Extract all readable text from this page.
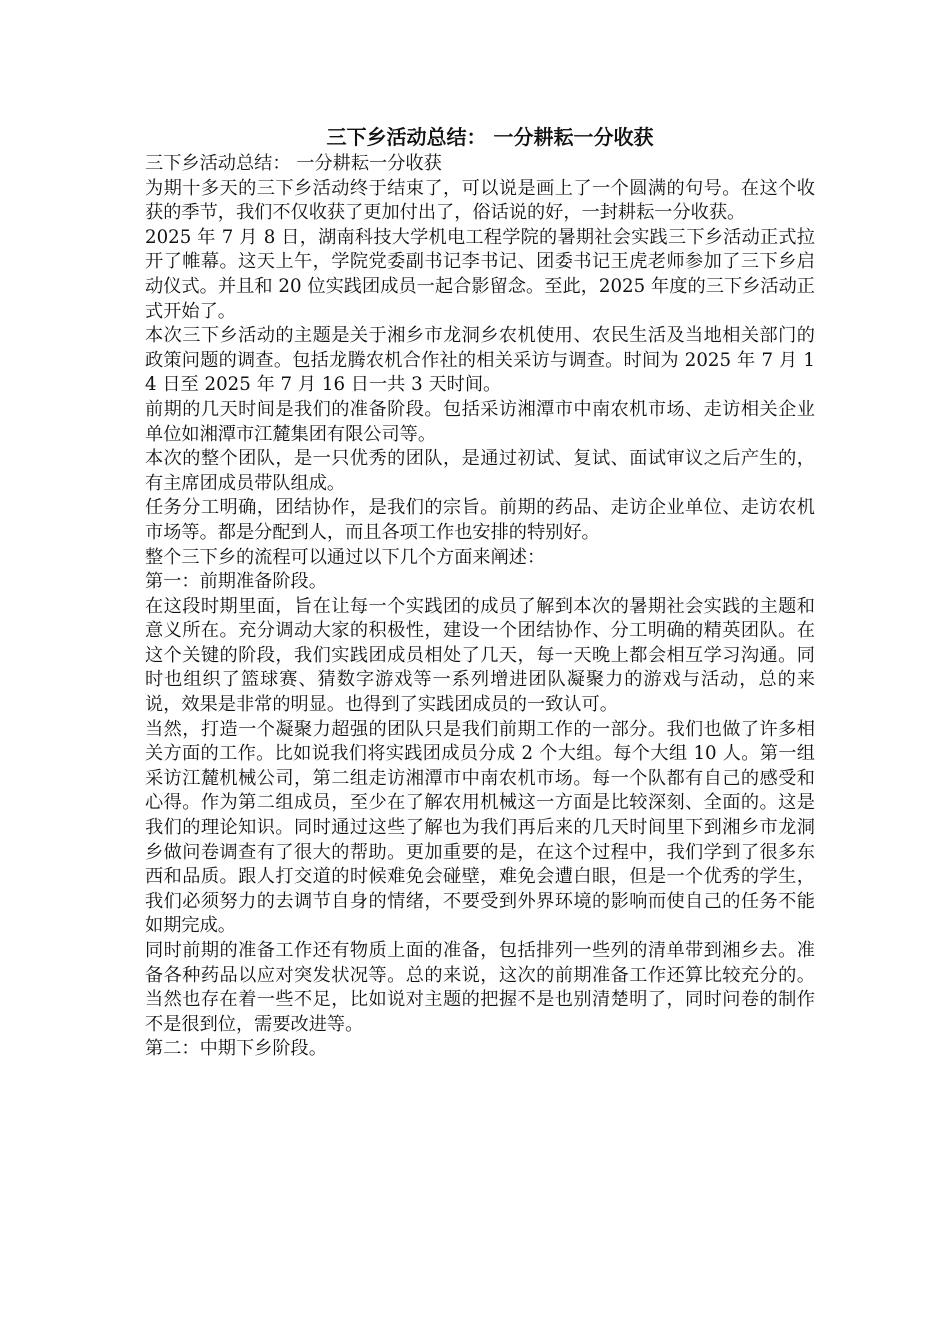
三下乡活动总结： 一分耕耘一分收获

三下乡活动总结： 一分耕耘一分收获

为期十多天的三下乡活动终于结束了，可以说是画上了一个圆满的句号。在这个收获的季节，我们不仅收获了更加付出了，俗话说的好，一封耕耘一分收获。

2025 年 7 月 8 日，湖南科技大学机电工程学院的暑期社会实践三下乡活动正式拉开了帷幕。这天上午，学院党委副书记李书记、团委书记王虎老师参加了三下乡启动仪式。并且和 20 位实践团成员一起合影留念。至此，2025 年度的三下乡活动正式开始了。

本次三下乡活动的主题是关于湘乡市龙洞乡农机使用、农民生活及当地相关部门的政策问题的调查。包括龙腾农机合作社的相关采访与调查。时间为 2025 年 7 月 14 日至 2025 年 7 月 16 日一共 3 天时间。

前期的几天时间是我们的准备阶段。包括采访湘潭市中南农机市场、走访相关企业单位如湘潭市江麓集团有限公司等。

本次的整个团队，是一只优秀的团队，是通过初试、复试、面试审议之后产生的，有主席团成员带队组成。

任务分工明确，团结协作，是我们的宗旨。前期的药品、走访企业单位、走访农机市场等。都是分配到人，而且各项工作也安排的特别好。

整个三下乡的流程可以通过以下几个方面来阐述：

第一：前期准备阶段。

在这段时期里面，旨在让每一个实践团的成员了解到本次的暑期社会实践的主题和意义所在。充分调动大家的积极性，建设一个团结协作、分工明确的精英团队。在这个关键的阶段，我们实践团成员相处了几天，每一天晚上都会相互学习沟通。同时也组织了篮球赛、猜数字游戏等一系列增进团队凝聚力的游戏与活动，总的来说，效果是非常的明显。也得到了实践团成员的一致认可。

当然，打造一个凝聚力超强的团队只是我们前期工作的一部分。我们也做了许多相关方面的工作。比如说我们将实践团成员分成 2 个大组。每个大组 10 人。第一组采访江麓机械公司，第二组走访湘潭市中南农机市场。每一个队都有自己的感受和心得。作为第二组成员，至少在了解农用机械这一方面是比较深刻、全面的。这是我们的理论知识。同时通过这些了解也为我们再后来的几天时间里下到湘乡市龙洞乡做问卷调查有了很大的帮助。更加重要的是，在这个过程中，我们学到了很多东西和品质。跟人打交道的时候难免会碰壁，难免会遭白眼，但是一个优秀的学生，我们必须努力的去调节自身的情绪，不要受到外界环境的影响而使自己的任务不能如期完成。

同时前期的准备工作还有物质上面的准备，包括排列一些列的清单带到湘乡去。准备各种药品以应对突发状况等。总的来说，这次的前期准备工作还算比较充分的。当然也存在着一些不足，比如说对主题的把握不是也别清楚明了，同时问卷的制作不是很到位，需要改进等。

第二：中期下乡阶段。
